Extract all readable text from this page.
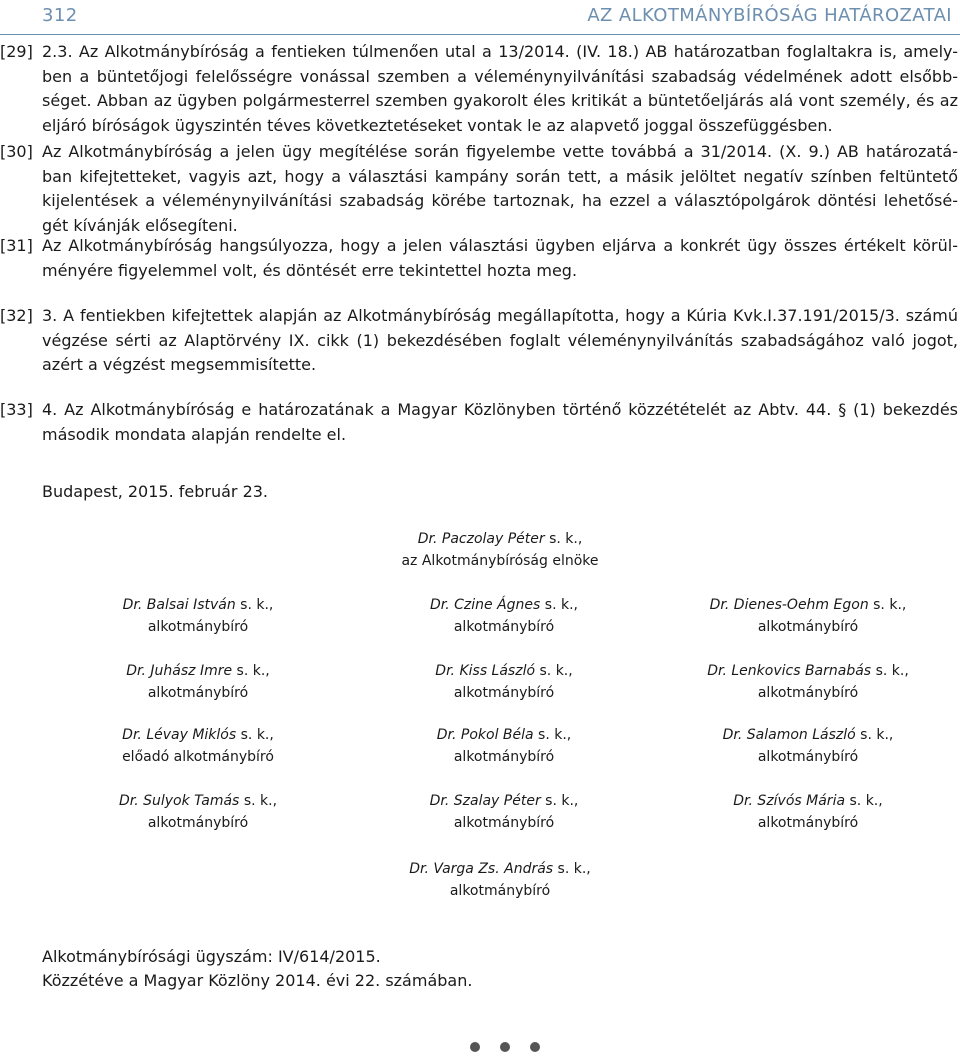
312	AZ ALKOTMÁNYBÍRÓSÁG HATÁROZATAI
[29] 2.3. Az Alkotmánybíróság a fentieken túlmenően utal a 13/2014. (IV. 18.) AB határozatban foglaltakra is, amely-ben a büntetőjogi felelősségre vonással szemben a véleménynyilvánítási szabadság védelmének adott elsőbb-séget. Abban az ügyben polgármesterrel szemben gyakorolt éles kritikát a büntetőeljárás alá vont személy, és az eljáró bíróságok ügyszintén téves következtetéseket vontak le az alapvető joggal összefüggésben.
[30] Az Alkotmánybíróság a jelen ügy megítélése során figyelembe vette továbbá a 31/2014. (X. 9.) AB határozatá-ban kifejtetteket, vagyis azt, hogy a választási kampány során tett, a másik jelöltet negatív színben feltüntető kijelentések a véleménynyilvánítási szabadság körébe tartoznak, ha ezzel a választópolgárok döntési lehetősé-gét kívánják elősegíteni.
[31] Az Alkotmánybíróság hangsúlyozza, hogy a jelen választási ügyben eljárva a konkrét ügy összes értékelt körül-ményére figyelemmel volt, és döntését erre tekintettel hozta meg.
[32] 3. A fentiekben kifejtettek alapján az Alkotmánybíróság megállapította, hogy a Kúria Kvk.I.37.191/2015/3. számú végzése sérti az Alaptörvény IX. cikk (1) bekezdésében foglalt véleménynyilvánítás szabadságához való jogot, azért a végzést megsemmisítette.
[33] 4. Az Alkotmánybíróság e határozatának a Magyar Közlönyben történő közzétételét az Abtv. 44. § (1) bekezdés második mondata alapján rendelte el.
Budapest, 2015. február 23.
Dr. Paczolay Péter s. k.,
az Alkotmánybíróság elnöke
Dr. Balsai István s. k.,
alkotmánybíró
Dr. Czine Ágnes s. k.,
alkotmánybíró
Dr. Dienes-Oehm Egon s. k.,
alkotmánybíró
Dr. Juhász Imre s. k.,
alkotmánybíró
Dr. Kiss László s. k.,
alkotmánybíró
Dr. Lenkovics Barnabás s. k.,
alkotmánybíró
Dr. Lévay Miklós s. k.,
előadó alkotmánybíró
Dr. Pokol Béla s. k.,
alkotmánybíró
Dr. Salamon László s. k.,
alkotmánybíró
Dr. Sulyok Tamás s. k.,
alkotmánybíró
Dr. Szalay Péter s. k.,
alkotmánybíró
Dr. Szívós Mária s. k.,
alkotmánybíró
Dr. Varga Zs. András s. k.,
alkotmánybíró
Alkotmánybírósági ügyszám: IV/614/2015.
Közzétéve a Magyar Közlöny 2014. évi 22. számában.
